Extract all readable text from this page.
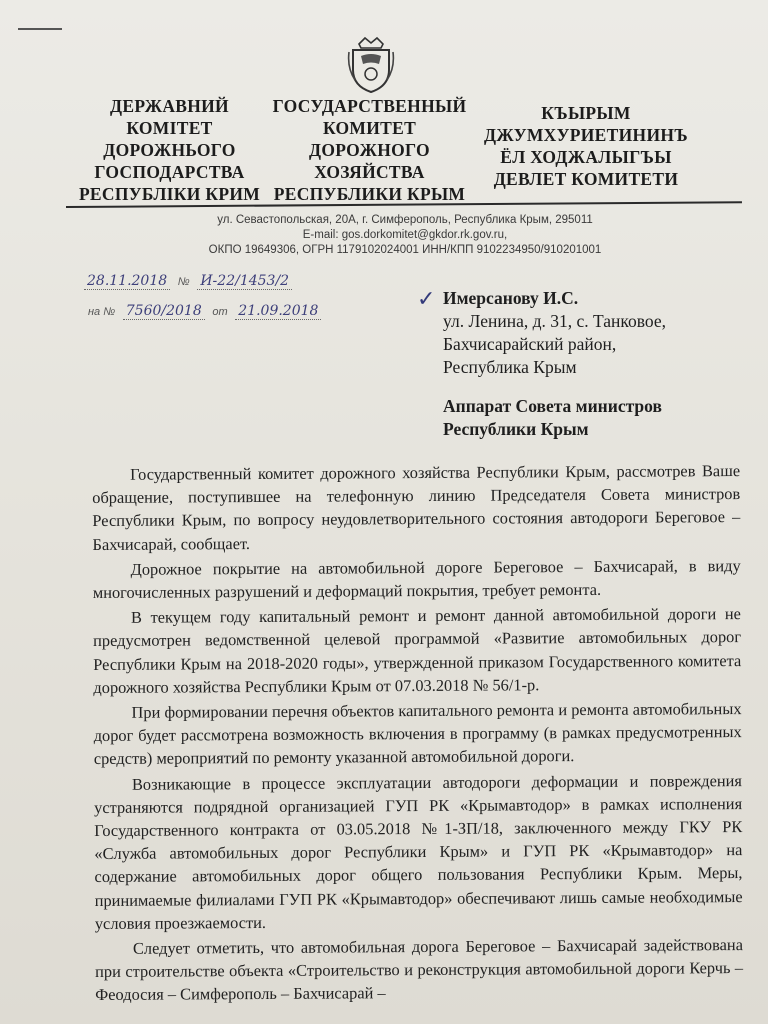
ДЕРЖАВНИЙ
КОМІТЕТ
ДОРОЖНЬОГО
ГОСПОДАРСТВА
РЕСПУБЛІКИ КРИМ
ГОСУДАРСТВЕННЫЙ
КОМИТЕТ
ДОРОЖНОГО
ХОЗЯЙСТВА
РЕСПУБЛИКИ КРЫМ
КЪЫРЫМ
ДЖУМХУРИЕТИНИНЪ
ЁЛ ХОДЖАЛЫГЪЫ
ДЕВЛЕТ КОМИТЕТИ
ул. Севастопольская, 20А, г. Симферополь, Республика Крым, 295011
E-mail: gos.dorkomitet@gkdor.rk.gov.ru,
ОКПО 19649306, ОГРН 1179102024001 ИНН/КПП 9102234950/910201001
28.11.2018 № И-22/1453/2
на № 7560/2018 от 21.09.2018	✓ Имерсанову И.С.
ул. Ленина, д. 31, с. Танковое,
Бахчисарайский район,
Республика Крым
Аппарат Совета министров
Республики Крым

Государственный комитет дорожного хозяйства Республики Крым, рассмотрев Ваше обращение, поступившее на телефонную линию Председателя Совета министров Республики Крым, по вопросу неудовлетворительного состояния автодороги Береговое – Бахчисарай, сообщает.

Дорожное покрытие на автомобильной дороге Береговое – Бахчисарай, в виду многочисленных разрушений и деформаций покрытия, требует ремонта.

В текущем году капитальный ремонт и ремонт данной автомобильной дороги не предусмотрен ведомственной целевой программой «Развитие автомобильных дорог Республики Крым на 2018-2020 годы», утвержденной приказом Государственного комитета дорожного хозяйства Республики Крым от 07.03.2018 № 56/1-р.

При формировании перечня объектов капитального ремонта и ремонта автомобильных дорог будет рассмотрена возможность включения в программу (в рамках предусмотренных средств) мероприятий по ремонту указанной автомобильной дороги.

Возникающие в процессе эксплуатации автодороги деформации и повреждения устраняются подрядной организацией ГУП РК «Крымавтодор» в рамках исполнения Государственного контракта от 03.05.2018 №1-ЗП/18, заключенного между ГКУ РК «Служба автомобильных дорог Республики Крым» и ГУП РК «Крымавтодор» на содержание автомобильных дорог общего пользования Республики Крым. Меры, принимаемые филиалами ГУП РК «Крымавтодор» обеспечивают лишь самые необходимые условия проезжаемости.

Следует отметить, что автомобильная дорога Береговое – Бахчисарай задействована при строительстве объекта «Строительство и реконструкция автомобильной дороги Керчь – Феодосия – Симферополь – Бахчисарай –
